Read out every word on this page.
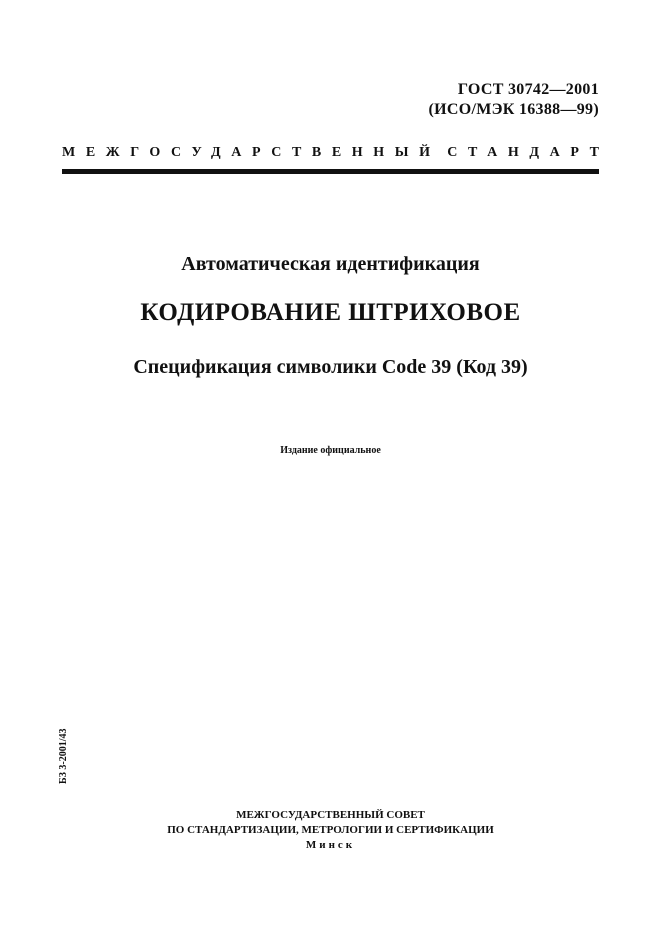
ГОСТ 30742—2001
(ИСО/МЭК 16388—99)
МЕЖГОСУДАРСТВЕННЫЙ СТАНДАРТ
Автоматическая идентификация
КОДИРОВАНИЕ ШТРИХОВОЕ
Спецификация символики Code 39 (Код 39)
Издание официальное
БЗ 3-2001/43
МЕЖГОСУДАРСТВЕННЫЙ СОВЕТ
ПО СТАНДАРТИЗАЦИИ, МЕТРОЛОГИИ И СЕРТИФИКАЦИИ
Минск
